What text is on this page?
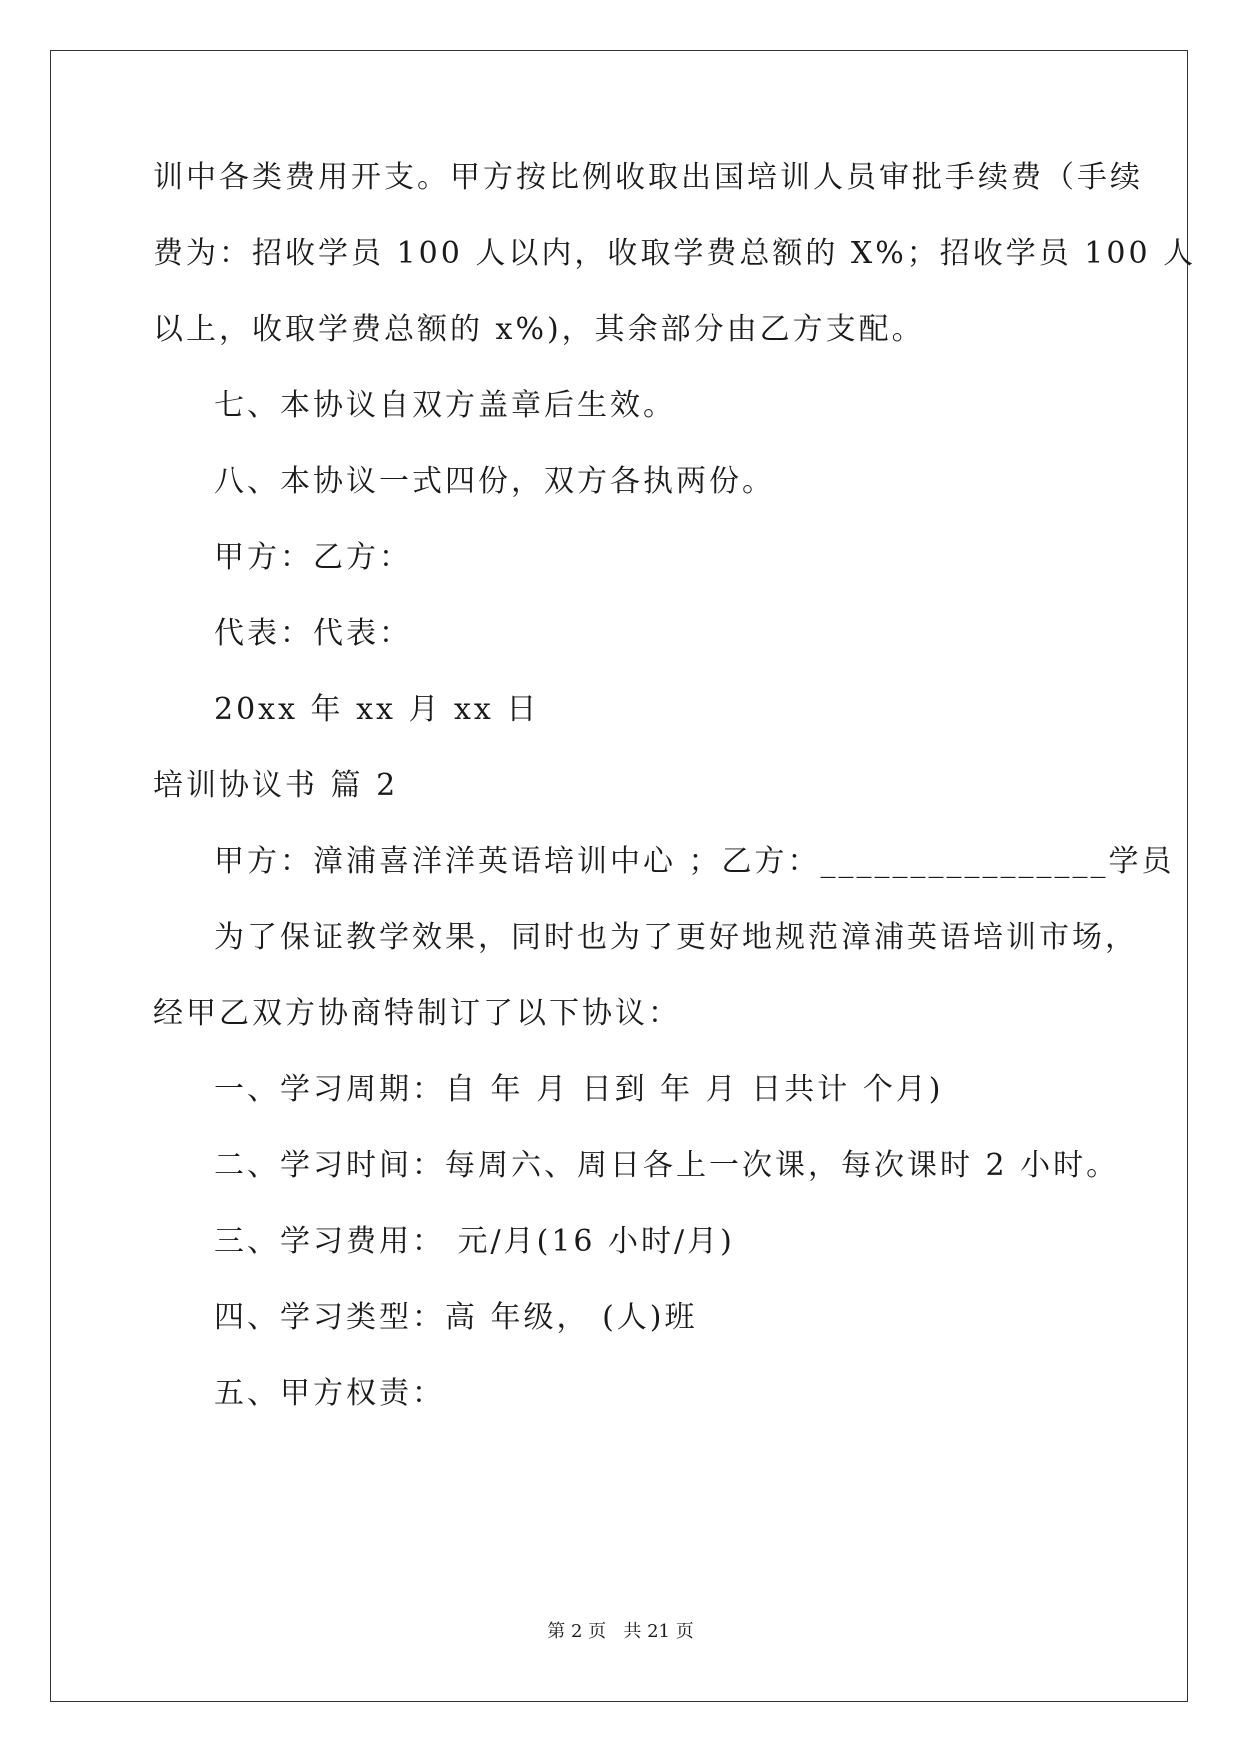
训中各类费用开支。甲方按比例收取出国培训人员审批手续费（手续
费为：招收学员 100 人以内，收取学费总额的 X%；招收学员 100 人
以上，收取学费总额的 x%)，其余部分由乙方支配。
七、本协议自双方盖章后生效。
八、本协议一式四份，双方各执两份。
甲方：乙方：
代表：代表：
20xx 年 xx 月 xx 日
培训协议书 篇 2
甲方：漳浦喜洋洋英语培训中心 ；乙方：________________学员
为了保证教学效果，同时也为了更好地规范漳浦英语培训市场，
经甲乙双方协商特制订了以下协议：
一、学习周期：自 年 月 日到 年 月 日共计 个月)
二、学习时间：每周六、周日各上一次课，每次课时 2 小时。
三、学习费用： 元/月(16 小时/月)
四、学习类型：高 年级， (人)班
五、甲方权责：
第 2 页   共 21 页
